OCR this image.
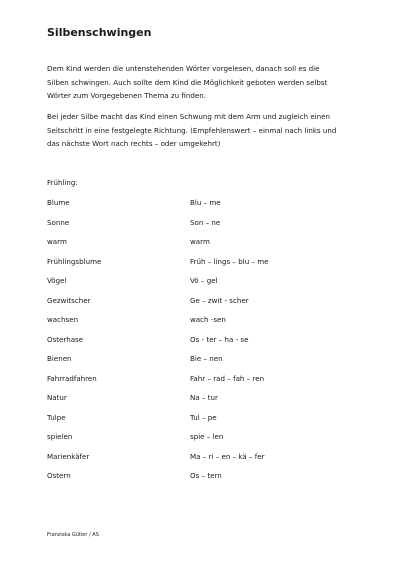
Silbenschwingen

Dem Kind werden die untenstehenden Wörter vorgelesen, danach soll es die

Silben schwingen. Auch sollte dem Kind die Möglichkeit geboten werden selbst

Wörter zum Vorgegebenen Thema zu finden.

Bei jeder Silbe macht das Kind einen Schwung mit dem Arm und zugleich einen

Seitschritt in eine festgelegte Richtung. (Empfehlenswert – einmal nach links und

das nächste Wort nach rechts – oder umgekehrt)

Frühling:
Blume	Blu – me
Sonne	Son – ne
warm	warm
Frühlingsblume	Früh – lings – blu – me
Vögel	Vö – gel
Gezwitscher	Ge – zwit - scher
wachsen	wach -sen
Osterhase	Os - ter – ha - se
Bienen	Bie – nen
Fahrradfahren	Fahr – rad – fah – ren
Natur	Na – tur
Tulpe	Tul – pe
spielen	spie – len
Marienkäfer	Ma – ri – en – kä – fer
Ostern	Os – tern
Franziska Gütler / AS
